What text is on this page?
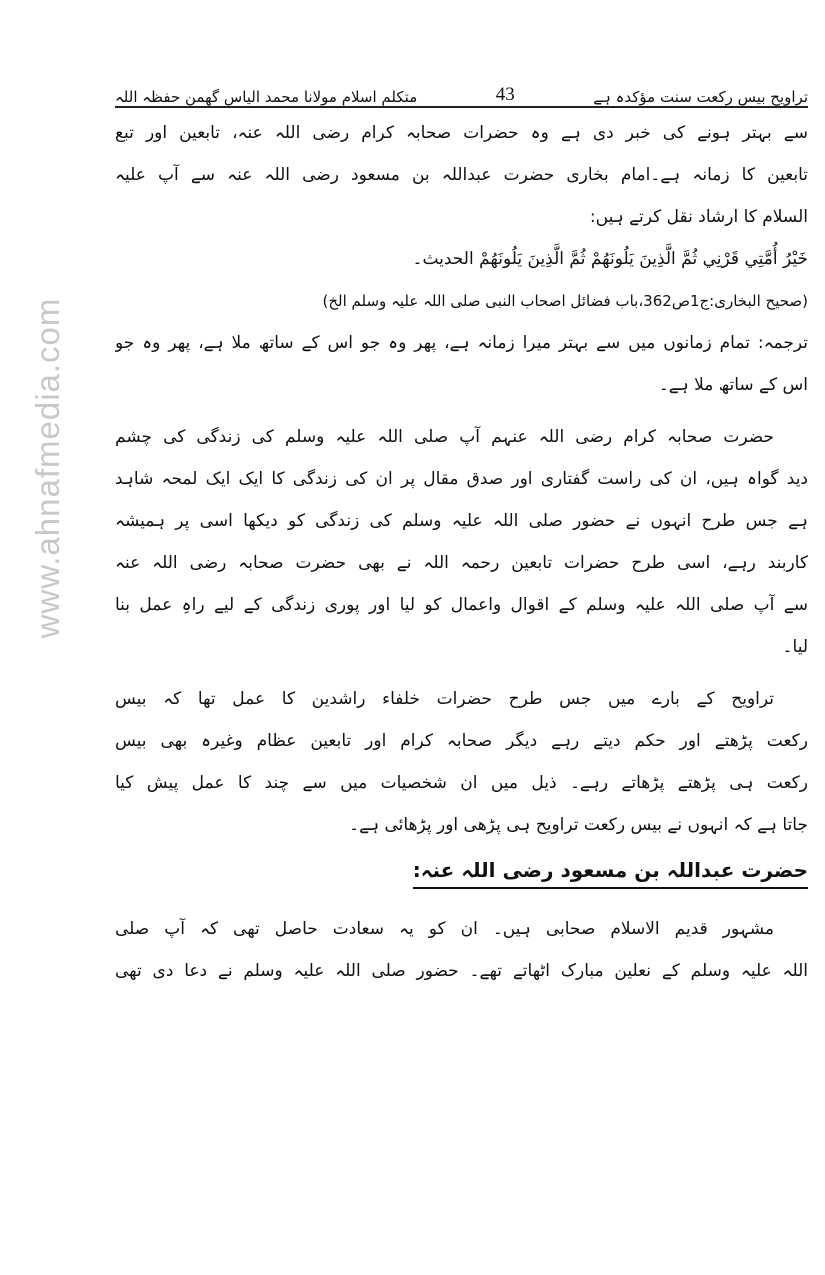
www.ahnafmedia.com
تراویح بیس رکعت سنت مؤکدہ ہے
43
متکلم اسلام مولانا محمد الیاس گھمن حفظہ اللہ
سے بہتر ہونے کی خبر دی ہے وہ حضرات صحابہ کرام رضی اللہ عنہ، تابعین اور تبع
تابعین کا زمانہ ہے۔امام بخاری حضرت عبداللہ بن مسعود رضی اللہ عنہ سے آپ علیہ
السلام کا ارشاد نقل کرتے ہیں:
خَيْرُ أُمَّتِي قَرْنِي ثُمَّ الَّذِينَ يَلُونَهُمْ ثُمَّ الَّذِينَ يَلُونَهُمْ الحديث۔
(صحیح البخاری:ج1ص362،باب فضائل اصحاب النبی صلی اللہ علیہ وسلم الخ)
ترجمہ: تمام زمانوں میں سے بہتر میرا زمانہ ہے، پھر وہ جو اس کے ساتھ ملا ہے، پھر وہ جو
اس کے ساتھ ملا ہے۔
حضرت صحابہ کرام رضی اللہ عنہم آپ صلی اللہ علیہ وسلم کی زندگی کی چشم
دید گواہ ہیں، ان کی راست گفتاری اور صدق مقال پر ان کی زندگی کا ایک ایک لمحہ شاہد
ہے جس طرح انہوں نے حضور صلی اللہ علیہ وسلم کی زندگی کو دیکھا اسی پر ہمیشہ
کاربند رہے، اسی طرح حضرات تابعین رحمہ اللہ نے بھی حضرت صحابہ رضی اللہ عنہ
سے آپ صلی اللہ علیہ وسلم کے اقوال واعمال کو لیا اور پوری زندگی کے لیے راہِ عمل بنا
لیا۔
تراویح کے بارے میں جس طرح حضرات خلفاء راشدین کا عمل تھا کہ بیس
رکعت پڑھتے اور حکم دیتے رہے دیگر صحابہ کرام اور تابعین عظام وغیرہ بھی بیس
رکعت ہی پڑھتے پڑھاتے رہے۔ ذیل میں ان شخصیات میں سے چند کا عمل پیش کیا
جاتا ہے کہ انہوں نے بیس رکعت تراویح ہی پڑھی اور پڑھائی ہے۔
حضرت عبداللہ بن مسعود رضی اللہ عنہ:
مشہور قدیم الاسلام صحابی ہیں۔ ان کو یہ سعادت حاصل تھی کہ آپ صلی
اللہ علیہ وسلم کے نعلین مبارک اٹھاتے تھے۔ حضور صلی اللہ علیہ وسلم نے دعا دی تھی
